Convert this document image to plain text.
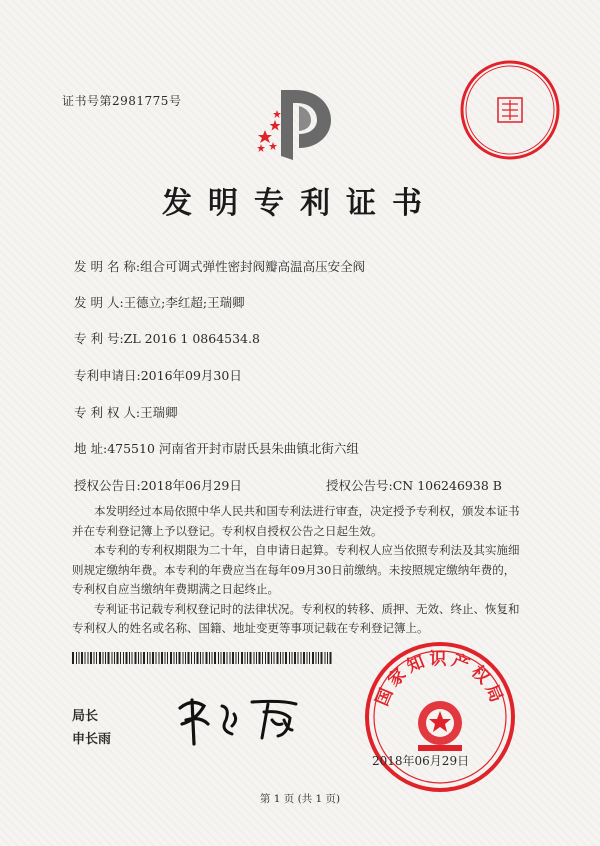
证书号第2981775号
发明专利证书
发 明 名 称:组合可调式弹性密封阀瓣高温高压安全阀
发 明 人:王德立;李红超;王瑞卿
专 利 号:ZL 2016 1 0864534.8
专利申请日:2016年09月30日
专 利 权 人:王瑞卿
地 址:475510 河南省开封市尉氏县朱曲镇北街六组
授权公告日:2018年06月29日	授权公告号:CN 106246938 B

本发明经过本局依照中华人民共和国专利法进行审查，决定授予专利权，颁发本证书并在专利登记簿上予以登记。专利权自授权公告之日起生效。

本专利的专利权期限为二十年，自申请日起算。专利权人应当依照专利法及其实施细则规定缴纳年费。本专利的年费应当在每年09月30日前缴纳。未按照规定缴纳年费的，专利权自应当缴纳年费期满之日起终止。

专利证书记载专利权登记时的法律状况。专利权的转移、质押、无效、终止、恢复和专利权人的姓名或名称、国籍、地址变更等事项记载在专利登记簿上。

局长
申长雨
国家知识产权局
2018年06月29日
第 1 页 (共 1 页)
